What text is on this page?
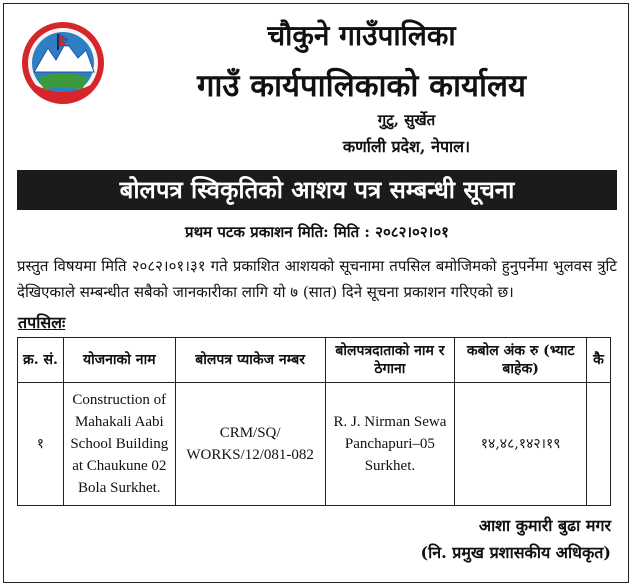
चौकुने गाउँपालिका
गाउँ कार्यपालिकाको कार्यालय
गुटु, सुर्खेत
कर्णाली प्रदेश, नेपाल।
बोलपत्र स्विकृतिको आशय पत्र सम्बन्धी सूचना
प्रथम पटक प्रकाशन मिति: मिति : २०८२।०२।०१
प्रस्तुत विषयमा मिति २०८२।०१।३१ गते प्रकाशित आशयको सूचनामा तपसिल बमोजिमको हुनुपर्नेमा भुलवस त्रुटि देखिएकाले सम्बन्धीत सबैको जानकारीका लागि यो ७ (सात) दिने सूचना प्रकाशन गरिएको छ।
तपसिलः
क्र. सं.	योजनाको नाम	बोलपत्र प्याकेज नम्बर	बोलपत्रदाताको नाम र ठेगाना	कबोल अंक रु (भ्याट बाहेक)	कै
१	Construction of Mahakali Aabi School Building at Chaukune 02 Bola Surkhet.	CRM/SQ/ WORKS/12/081-082	R. J. Nirman Sewa Panchapuri–05 Surkhet.	१४,४८,१४२।१९	
आशा कुमारी बुढा मगर
(नि. प्रमुख प्रशासकीय अधिकृत)
